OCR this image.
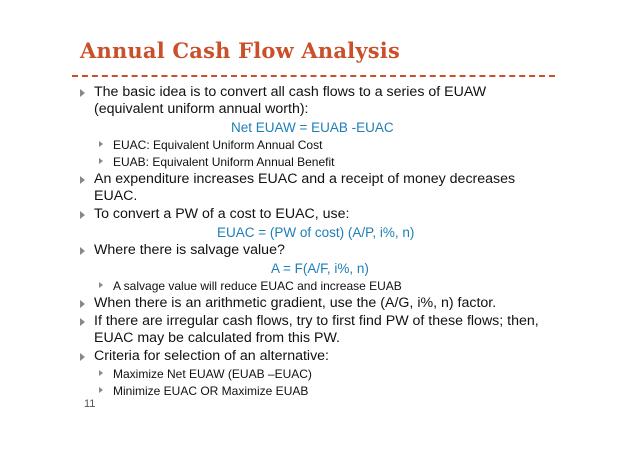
Annual Cash Flow Analysis
The basic idea is to convert all cash flows to a series of EUAW (equivalent uniform annual worth):
Net EUAW = EUAB -EUAC
EUAC: Equivalent Uniform Annual Cost
EUAB: Equivalent Uniform Annual Benefit
An expenditure increases EUAC and a receipt of money decreases EUAC.
To convert a PW of a cost to EUAC, use:
EUAC = (PW of cost) (A/P, i%, n)
Where there is salvage value?
A = F(A/F, i%, n)
A salvage value will reduce EUAC and increase EUAB
When there is an arithmetic gradient, use the (A/G, i%, n) factor.
If there are irregular cash flows, try to first find PW of these flows; then, EUAC may be calculated from this PW.
Criteria for selection of an alternative:
Maximize Net EUAW (EUAB –EUAC)
Minimize EUAC OR Maximize EUAB
11
